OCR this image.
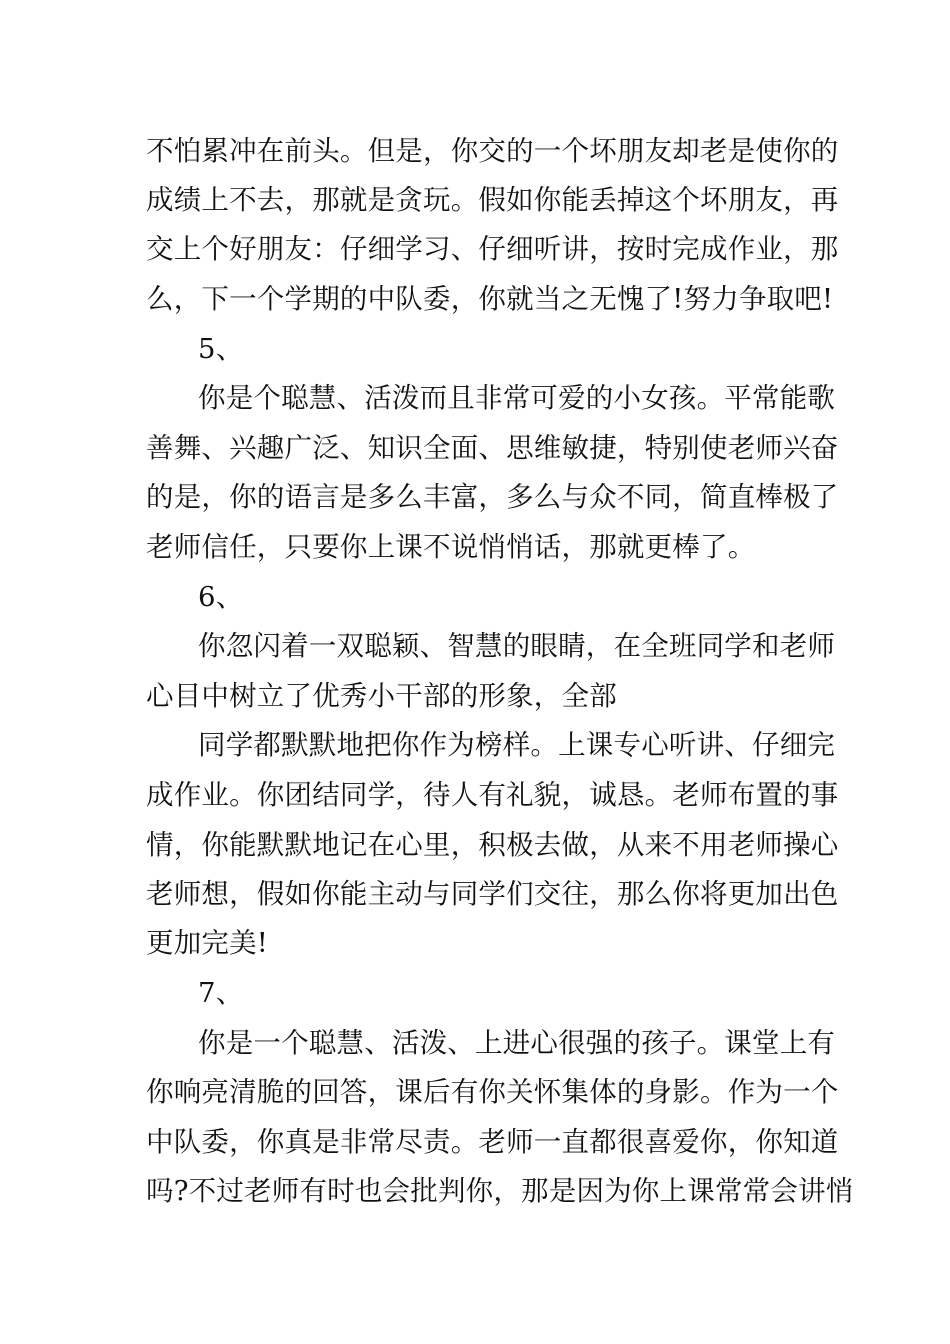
不怕累冲在前头。但是，你交的一个坏朋友却老是使你的
成绩上不去，那就是贪玩。假如你能丢掉这个坏朋友，再
交上个好朋友：仔细学习、仔细听讲，按时完成作业，那
么，下一个学期的中队委，你就当之无愧了!努力争取吧!
5、
你是个聪慧、活泼而且非常可爱的小女孩。平常能歌
善舞、兴趣广泛、知识全面、思维敏捷，特别使老师兴奋
的是，你的语言是多么丰富，多么与众不同，简直棒极了
老师信任，只要你上课不说悄悄话，那就更棒了。
6、
你忽闪着一双聪颖、智慧的眼睛，在全班同学和老师
心目中树立了优秀小干部的形象，全部
同学都默默地把你作为榜样。上课专心听讲、仔细完
成作业。你团结同学，待人有礼貌，诚恳。老师布置的事
情，你能默默地记在心里，积极去做，从来不用老师操心
老师想，假如你能主动与同学们交往，那么你将更加出色
更加完美!
7、
你是一个聪慧、活泼、上进心很强的孩子。课堂上有
你响亮清脆的回答，课后有你关怀集体的身影。作为一个
中队委，你真是非常尽责。老师一直都很喜爱你，你知道
吗?不过老师有时也会批判你，那是因为你上课常常会讲悄
